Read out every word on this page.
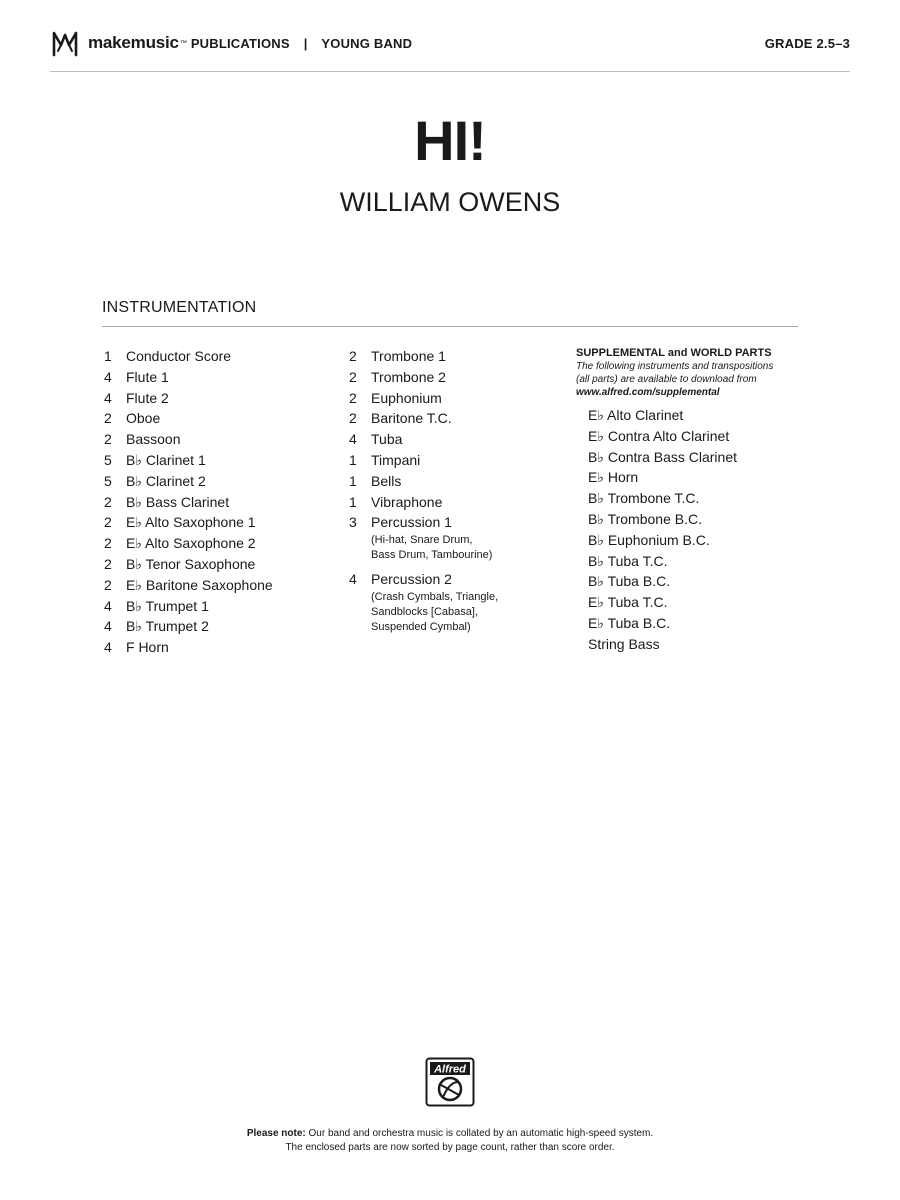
makemusic ™ PUBLICATIONS | YOUNG BAND	GRADE 2.5–3
HI!
WILLIAM OWENS
INSTRUMENTATION
1	Conductor Score
4	Flute 1
4	Flute 2
2	Oboe
2	Bassoon
5	B♭ Clarinet 1
5	B♭ Clarinet 2
2	B♭ Bass Clarinet
2	E♭ Alto Saxophone 1
2	E♭ Alto Saxophone 2
2	B♭ Tenor Saxophone
2	E♭ Baritone Saxophone
4	B♭ Trumpet 1
4	B♭ Trumpet 2
4	F Horn
2	Trombone 1
2	Trombone 2
2	Euphonium
2	Baritone T.C.
4	Tuba
1	Timpani
1	Bells
1	Vibraphone
3	Percussion 1
(Hi-hat, Snare Drum,
Bass Drum, Tambourine)
4	Percussion 2
(Crash Cymbals, Triangle,
Sandblocks [Cabasa],
Suspended Cymbal)
SUPPLEMENTAL and WORLD PARTS
The following instruments and transpositions
(all parts) are available to download from
www.alfred.com/supplemental
E♭ Alto Clarinet
E♭ Contra Alto Clarinet
B♭ Contra Bass Clarinet
E♭ Horn
B♭ Trombone T.C.
B♭ Trombone B.C.
B♭ Euphonium B.C.
B♭ Tuba T.C.
B♭ Tuba B.C.
E♭ Tuba T.C.
E♭ Tuba B.C.
String Bass
Alfred
Please note: Our band and orchestra music is collated by an automatic high-speed system.
The enclosed parts are now sorted by page count, rather than score order.
